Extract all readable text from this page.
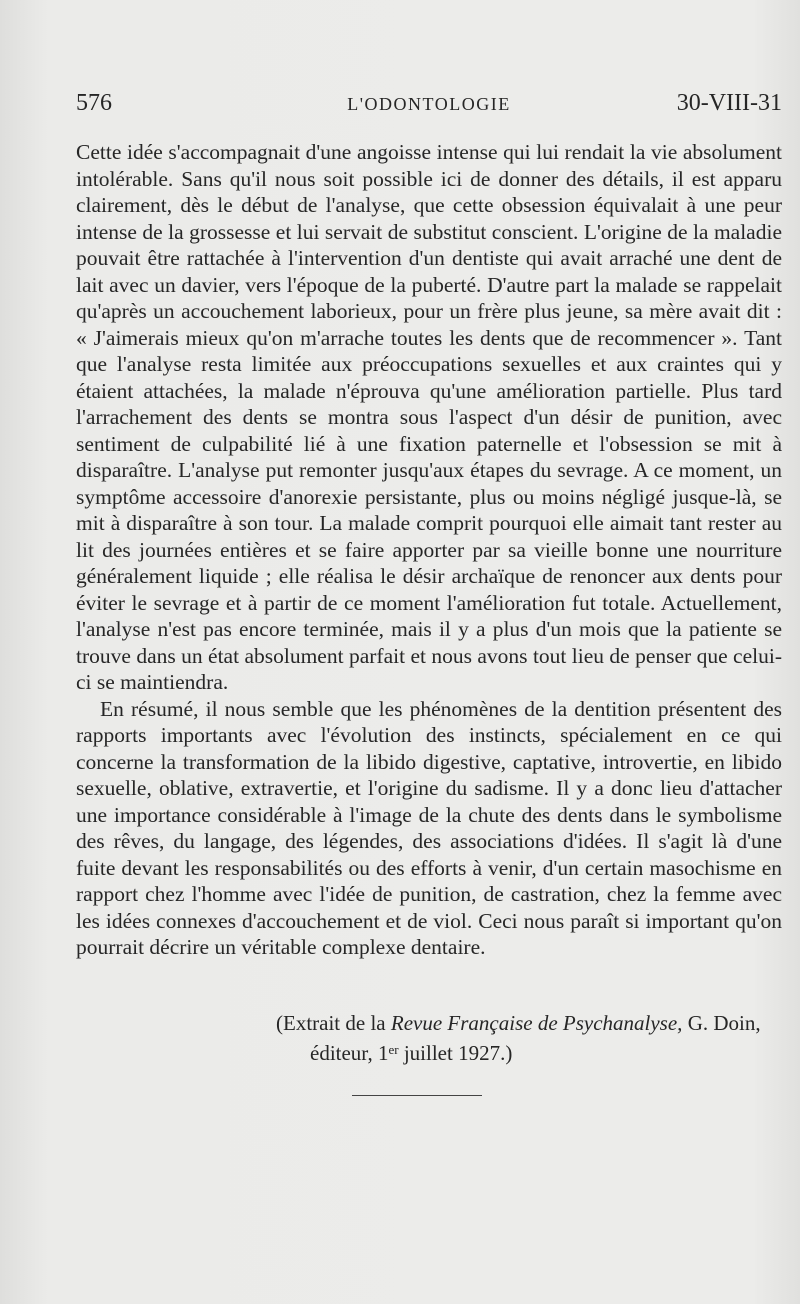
576	L'ODONTOLOGIE	30-VIII-31

Cette idée s'accompagnait d'une angoisse intense qui lui rendait la vie absolument intolérable. Sans qu'il nous soit possible ici de donner des détails, il est apparu clairement, dès le début de l'analyse, que cette obsession équivalait à une peur intense de la grossesse et lui servait de substitut conscient. L'origine de la maladie pouvait être rattachée à l'intervention d'un dentiste qui avait arraché une dent de lait avec un davier, vers l'époque de la puberté. D'autre part la malade se rappelait qu'après un accouchement laborieux, pour un frère plus jeune, sa mère avait dit : « J'aimerais mieux qu'on m'arrache toutes les dents que de recommencer ». Tant que l'analyse resta limitée aux préoccupations sexuelles et aux craintes qui y étaient attachées, la malade n'éprouva qu'une amélioration partielle. Plus tard l'arrachement des dents se montra sous l'aspect d'un désir de punition, avec sentiment de culpabilité lié à une fixation paternelle et l'obsession se mit à disparaître. L'analyse put remonter jusqu'aux étapes du sevrage. A ce moment, un symptôme accessoire d'anorexie persistante, plus ou moins négligé jusque-là, se mit à disparaître à son tour. La malade comprit pourquoi elle aimait tant rester au lit des journées entières et se faire apporter par sa vieille bonne une nourriture généralement liquide ; elle réalisa le désir archaïque de renoncer aux dents pour éviter le sevrage et à partir de ce moment l'amélioration fut totale. Actuellement, l'analyse n'est pas encore terminée, mais il y a plus d'un mois que la patiente se trouve dans un état absolument parfait et nous avons tout lieu de penser que celui-ci se maintiendra.

En résumé, il nous semble que les phénomènes de la dentition présentent des rapports importants avec l'évolution des instincts, spécialement en ce qui concerne la transformation de la libido digestive, captative, introvertie, en libido sexuelle, oblative, extravertie, et l'origine du sadisme. Il y a donc lieu d'attacher une importance considérable à l'image de la chute des dents dans le symbolisme des rêves, du langage, des légendes, des associations d'idées. Il s'agit là d'une fuite devant les responsabilités ou des efforts à venir, d'un certain masochisme en rapport chez l'homme avec l'idée de punition, de castration, chez la femme avec les idées connexes d'accouchement et de viol. Ceci nous paraît si important qu'on pourrait décrire un véritable complexe dentaire.

(Extrait de la Revue Française de Psychanalyse, G. Doin,
éditeur, 1er juillet 1927.)
